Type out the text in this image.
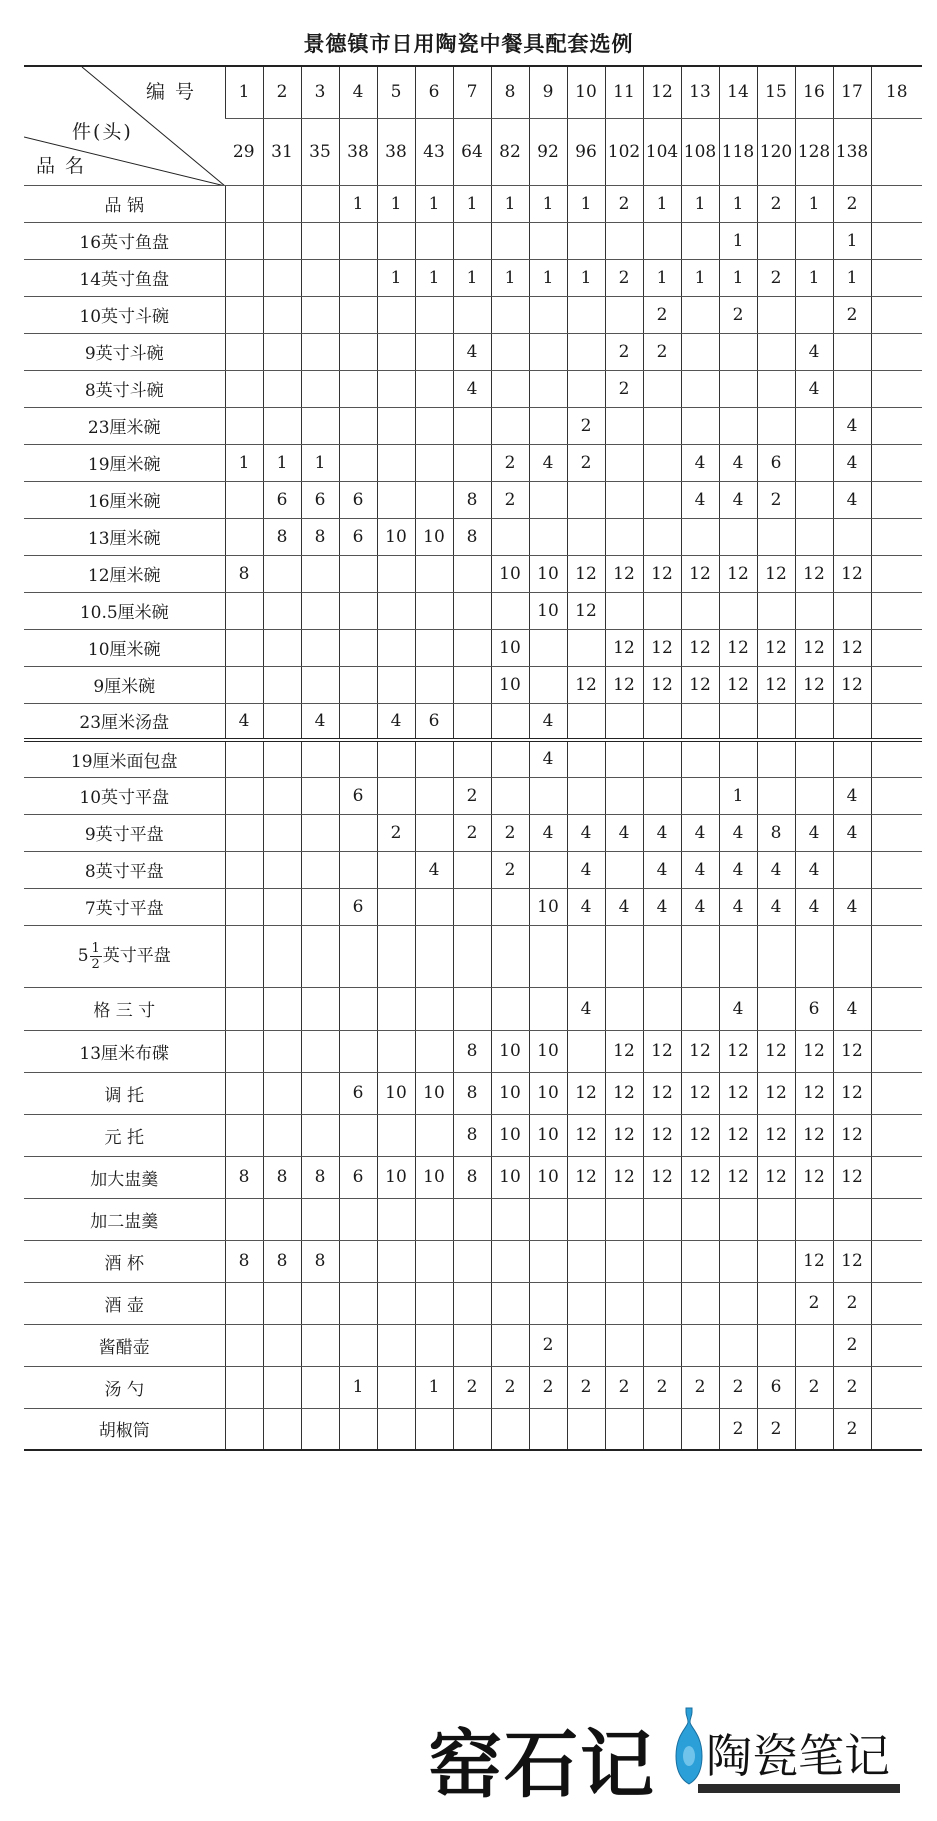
景德镇市日用陶瓷中餐具配套选例
编 号
件(头)
品 名	1	2	3	4	5	6	7	8	9	10	11	12	13	14	15	16	17	18
	29	31	35	38	38	43	64	82	92	96	102	104	108	118	120	128	138	
品 锅				1	1	1	1	1	1	1	2	1	1	1	2	1	2	
16英寸鱼盘														1			1	
14英寸鱼盘					1	1	1	1	1	1	2	1	1	1	2	1	1	
10英寸斗碗												2		2			2	
9英寸斗碗							4				2	2				4		
8英寸斗碗							4				2					4		
23厘米碗										2							4	
19厘米碗	1	1	1					2	4	2			4	4	6		4	
16厘米碗		6	6	6			8	2					4	4	2		4	
13厘米碗		8	8	6	10	10	8											
12厘米碗	8							10	10	12	12	12	12	12	12	12	12	
10.5厘米碗									10	12								
10厘米碗								10			12	12	12	12	12	12	12	
9厘米碗								10		12	12	12	12	12	12	12	12	
23厘米汤盘	4		4		4	6			4									
19厘米面包盘									4									
10英寸平盘				6			2							1			4	
9英寸平盘					2		2	2	4	4	4	4	4	4	8	4	4	
8英寸平盘						4		2		4		4	4	4	4	4		
7英寸平盘				6					10	4	4	4	4	4	4	4	4	
$5 \frac{1}{2}$ 英寸平盘																		
格 三 寸										4				4		6	4	
13厘米布碟							8	10	10		12	12	12	12	12	12	12	
调 托				6	10	10	8	10	10	12	12	12	12	12	12	12	12	
元 托							8	10	10	12	12	12	12	12	12	12	12	
加大盅羹	8	8	8	6	10	10	8	10	10	12	12	12	12	12	12	12	12	
加二盅羹																		
酒 杯	8	8	8													12	12	
酒 壶																2	2	
酱醋壶									2								2	
汤 勺				1		1	2	2	2	2	2	2	2	2	6	2	2	
胡椒筒														2	2		2	
窑石记 陶瓷笔记
